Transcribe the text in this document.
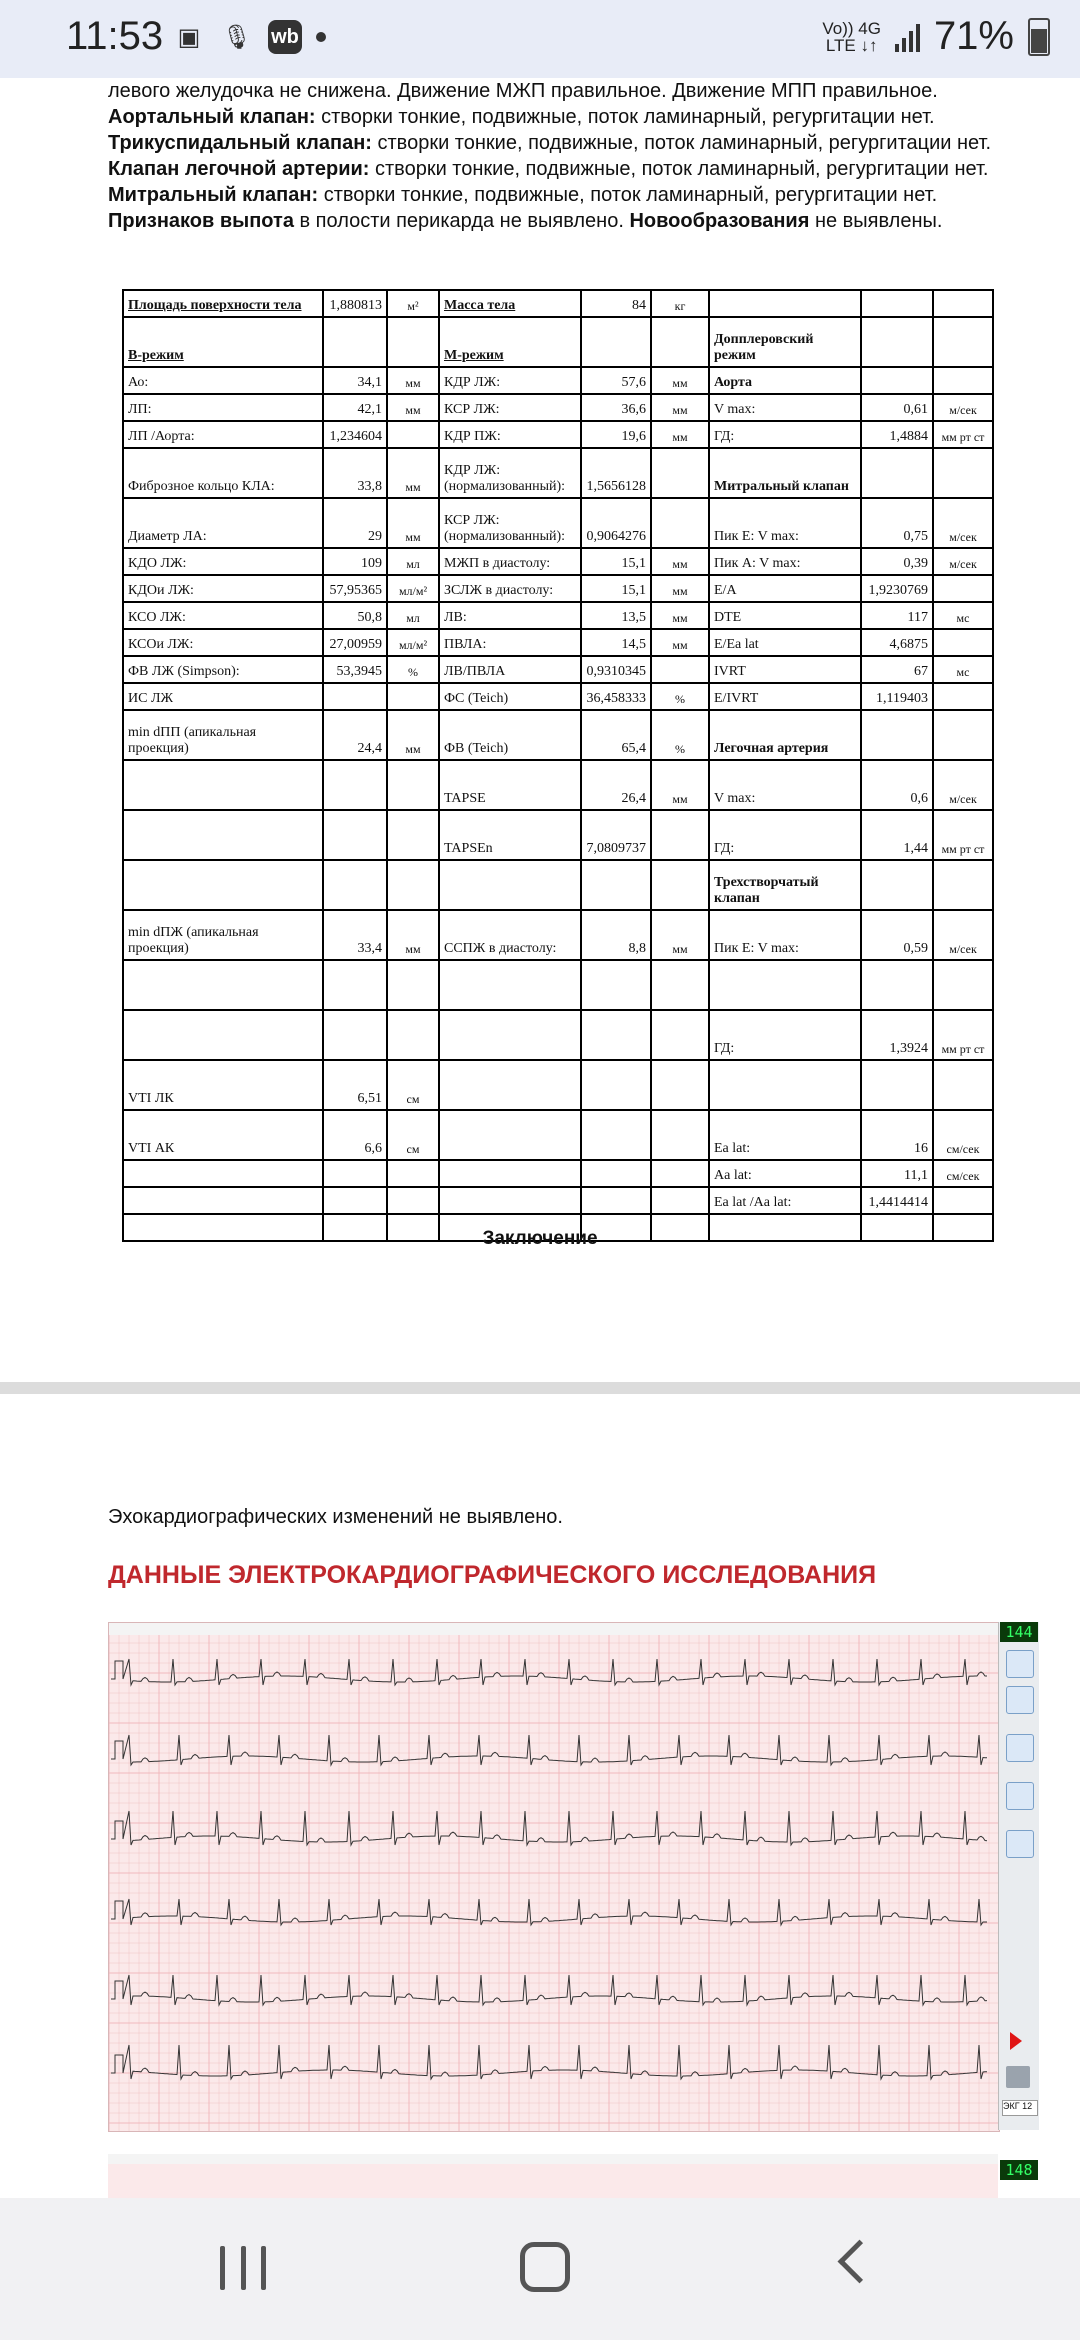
11:53 ▣ 🎙 wb	Vo)) 4G
LTE ↓↑ 71%
левого желудочка не снижена. Движение МЖП правильное. Движение МПП правильное.
Аортальный клапан: створки тонкие, подвижные, поток ламинарный, регургитации нет.
Трикуспидальный клапан: створки тонкие, подвижные, поток ламинарный, регургитации нет.
Клапан легочной артерии: створки тонкие, подвижные, поток ламинарный, регургитации нет.
Митральный клапан: створки тонкие, подвижные, поток ламинарный, регургитации нет.
Признаков выпота в полости перикарда не выявлено. Новообразования не выявлены.
Площадь поверхности тела	1,880813	м²	Масса тела	84	кг			
B-режим			М-режим			Допплеровский режим		
Ао:	34,1	мм	КДР ЛЖ:	57,6	мм	Аорта		
ЛП:	42,1	мм	КСР ЛЖ:	36,6	мм	V max:	0,61	м/сек
ЛП /Аорта:	1,234604		КДР ПЖ:	19,6	мм	ГД:	1,4884	мм рт ст
Фиброзное кольцо КЛА:	33,8	мм	КДР ЛЖ: (нормализованный):	1,5656128		Митральный клапан		
Диаметр ЛА:	29	мм	КСР ЛЖ: (нормализованный):	0,9064276		Пик E: V max:	0,75	м/сек
КДО ЛЖ:	109	мл	МЖП в диастолу:	15,1	мм	Пик A: V max:	0,39	м/сек
КДОи ЛЖ:	57,95365	мл/м²	ЗСЛЖ в диастолу:	15,1	мм	E/A	1,9230769	
КСО ЛЖ:	50,8	мл	ЛВ:	13,5	мм	DTE	117	мс
КСОи ЛЖ:	27,00959	мл/м²	ПВЛА:	14,5	мм	E/Ea lat	4,6875	
ФВ ЛЖ (Simpson):	53,3945	%	ЛВ/ПВЛА	0,9310345		IVRT	67	мс
ИС ЛЖ			ФС (Teich)	36,458333	%	E/IVRT	1,119403	
min dПП (апикальная проекция)	24,4	мм	ФВ (Teich)	65,4	%	Легочная артерия		
			TAPSE	26,4	мм	V max:	0,6	м/сек
			TAPSEn	7,0809737		ГД:	1,44	мм рт ст
						Трехстворчатый клапан		
min dПЖ (апикальная проекция)	33,4	мм	ССПЖ в диастолу:	8,8	мм	Пик E: V max:	0,59	м/сек

						ГД:	1,3924	мм рт ст
VTI ЛК	6,51	см						
VTI АК	6,6	см				Ea lat:	16	см/сек
						Aa lat:	11,1	см/сек
						Ea lat /Aa lat:	1,4414414	

Заключение
Эхокардиографических изменений не выявлено.
ДАННЫЕ ЭЛЕКТРОКАРДИОГРАФИЧЕСКОГО ИССЛЕДОВАНИЯ
144
ЭКГ 12
148
